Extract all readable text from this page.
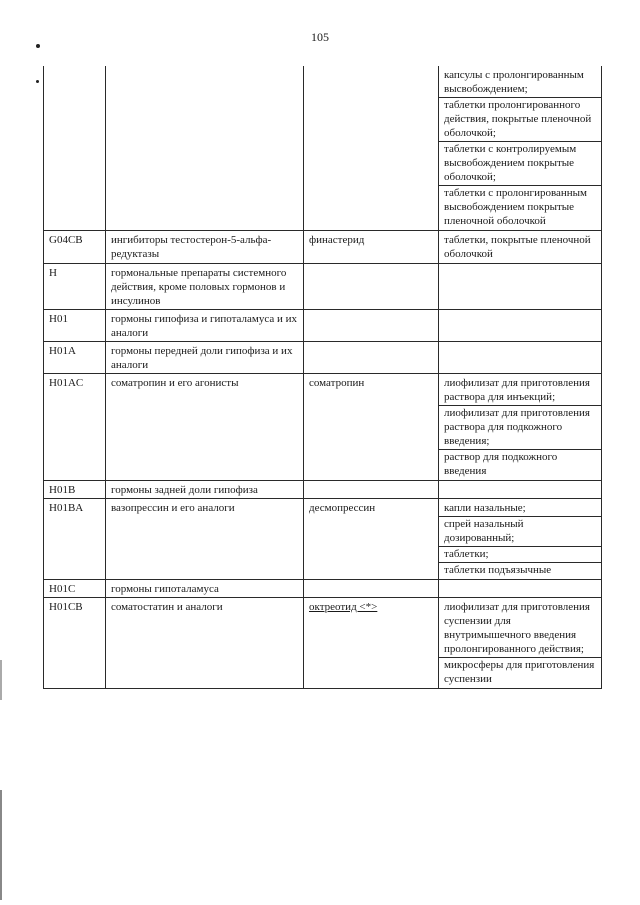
105

			капсулы с пролонгированным высвобождением;
таблетки пролонгированного действия, покрытые пленочной оболочкой;
таблетки с контролируемым высвобождением покрытые оболочкой;
таблетки с пролонгированным высвобождением покрытые пленочной оболочкой

G04CB	ингибиторы тестостерон-5-альфа-редуктазы	финастерид	таблетки, покрытые пленочной оболочкой

H	гормональные препараты системного действия, кроме половых гормонов и инсулинов		
H01	гормоны гипофиза и гипоталамуса и их аналоги		
H01A	гормоны передней доли гипофиза и их аналоги		
H01AC	соматропин и его агонисты	соматропин	лиофилизат для приготовления раствора для инъекций;
лиофилизат для приготовления раствора для подкожного введения;
раствор для подкожного введения

H01B	гормоны задней доли гипофиза		
H01BA	вазопрессин и его аналоги	десмопрессин	капли назальные;
спрей назальный дозированный;
таблетки;
таблетки подъязычные

H01C	гормоны гипоталамуса		
H01CB	соматостатин и аналоги	октреотид <*>	лиофилизат для приготовления суспензии для внутримышечного введения пролонгированного действия;
микросферы для приготовления суспензии
